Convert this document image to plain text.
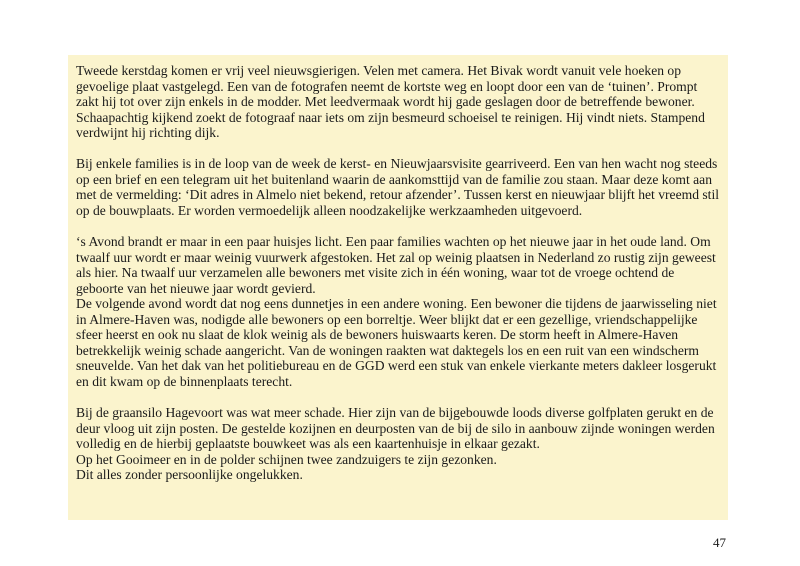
Tweede kerstdag komen er vrij veel nieuwsgierigen. Velen met camera. Het Bivak wordt vanuit vele hoeken op gevoelige plaat vastgelegd. Een van de fotografen neemt de kortste weg en loopt door een van de ‘tuinen’. Prompt zakt hij tot over zijn enkels in de modder. Met leedvermaak wordt hij gade geslagen door de betreffende bewoner. Schaapachtig kijkend zoekt de fotograaf naar iets om zijn besmeurd schoeisel te reinigen. Hij vindt niets. Stampend verdwijnt hij richting dijk.

Bij enkele families is in de loop van de week de kerst- en Nieuwjaarsvisite gearriveerd. Een van hen wacht nog steeds op een brief en een telegram uit het buitenland waarin de aankomsttijd van de familie zou staan. Maar deze komt aan met de vermelding: ‘Dit adres in Almelo niet bekend, retour afzender’. Tussen kerst en nieuwjaar blijft het vreemd stil op de bouwplaats. Er worden vermoedelijk alleen noodzakelijke werkzaamheden uitgevoerd.

‘s Avond brandt er maar in een paar huisjes licht. Een paar families wachten op het nieuwe jaar in het oude land. Om twaalf uur wordt er maar weinig vuurwerk afgestoken. Het zal op weinig plaatsen in Nederland zo rustig zijn geweest als hier. Na twaalf uur verzamelen alle bewoners met visite zich in één woning, waar tot de vroege ochtend de geboorte van het nieuwe jaar wordt gevierd.

De volgende avond wordt dat nog eens dunnetjes in een andere woning. Een bewoner die tijdens de jaarwisseling niet in Almere-Haven was, nodigde alle bewoners op een borreltje. Weer blijkt dat er een gezellige, vriendschappelijke sfeer heerst en ook nu slaat de klok weinig als de bewoners huiswaarts keren. De storm heeft in Almere-Haven betrekkelijk weinig schade aangericht. Van de woningen raakten wat daktegels los en een ruit van een windscherm sneuvelde. Van het dak van het politiebureau en de GGD werd een stuk van enkele vierkante meters dakleer losgerukt en dit kwam op de binnenplaats terecht.

Bij de graansilo Hagevoort was wat meer schade. Hier zijn van de bijgebouwde loods diverse golfplaten gerukt en de deur vloog uit zijn posten. De gestelde kozijnen en deurposten van de bij de silo in aanbouw zijnde woningen werden volledig en de hierbij geplaatste bouwkeet was als een kaartenhuisje in elkaar gezakt.

Op het Gooimeer en in de polder schijnen twee zandzuigers te zijn gezonken.

Dit alles zonder persoonlijke ongelukken.

47
